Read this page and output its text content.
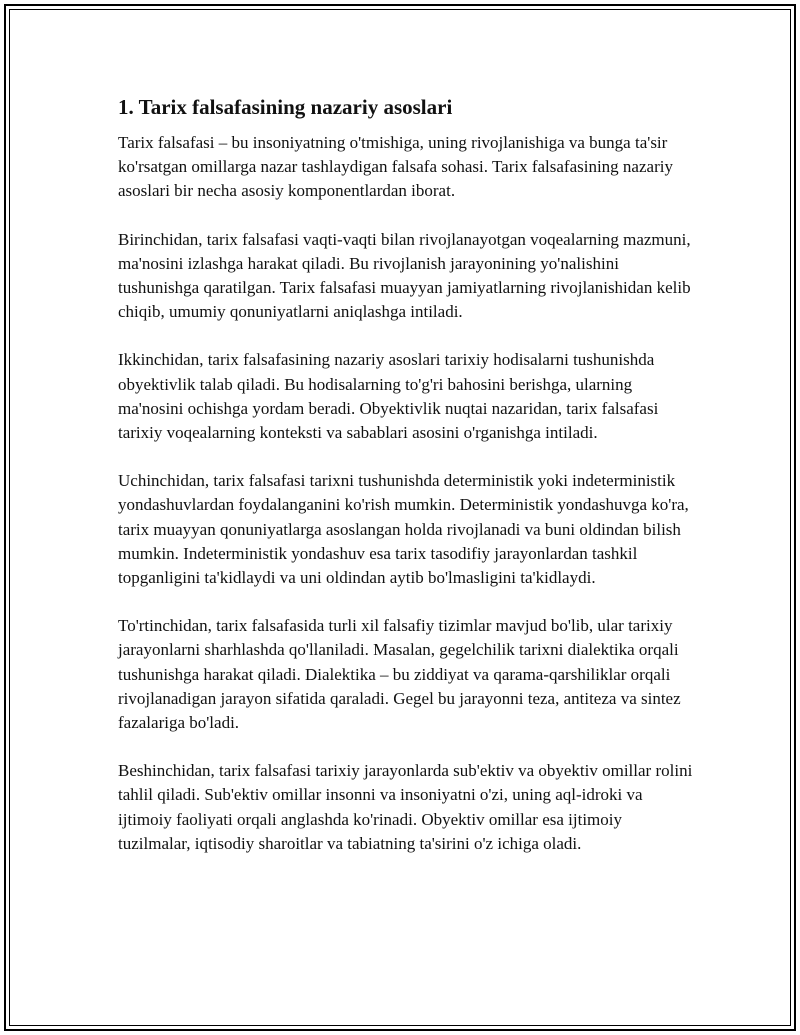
1. Tarix falsafasining nazariy asoslari

Tarix falsafasi – bu insoniyatning o'tmishiga, uning rivojlanishiga va bunga ta'sir ko'rsatgan omillarga nazar tashlaydigan falsafa sohasi. Tarix falsafasining nazariy asoslari bir necha asosiy komponentlardan iborat.

Birinchidan, tarix falsafasi vaqti-vaqti bilan rivojlanayotgan voqealarning mazmuni, ma'nosini izlashga harakat qiladi. Bu rivojlanish jarayonining yo'nalishini tushunishga qaratilgan. Tarix falsafasi muayyan jamiyatlarning rivojlanishidan kelib chiqib, umumiy qonuniyatlarni aniqlashga intiladi.

Ikkinchidan, tarix falsafasining nazariy asoslari tarixiy hodisalarni tushunishda obyektivlik talab qiladi. Bu hodisalarning to'g'ri bahosini berishga, ularning ma'nosini ochishga yordam beradi. Obyektivlik nuqtai nazaridan, tarix falsafasi tarixiy voqealarning konteksti va sabablari asosini o'rganishga intiladi.

Uchinchidan, tarix falsafasi tarixni tushunishda deterministik yoki indeterministik yondashuvlardan foydalanganini ko'rish mumkin. Deterministik yondashuvga ko'ra, tarix muayyan qonuniyatlarga asoslangan holda rivojlanadi va buni oldindan bilish mumkin. Indeterministik yondashuv esa tarix tasodifiy jarayonlardan tashkil topganligini ta'kidlaydi va uni oldindan aytib bo'lmasligini ta'kidlaydi.

To'rtinchidan, tarix falsafasida turli xil falsafiy tizimlar mavjud bo'lib, ular tarixiy jarayonlarni sharhlashda qo'llaniladi. Masalan, gegelchilik tarixni dialektika orqali tushunishga harakat qiladi. Dialektika – bu ziddiyat va qarama-qarshiliklar orqali rivojlanadigan jarayon sifatida qaraladi. Gegel bu jarayonni teza, antiteza va sintez fazalariga bo'ladi.

Beshinchidan, tarix falsafasi tarixiy jarayonlarda sub'ektiv va obyektiv omillar rolini tahlil qiladi. Sub'ektiv omillar insonni va insoniyatni o'zi, uning aql-idroki va ijtimoiy faoliyati orqali anglashda ko'rinadi. Obyektiv omillar esa ijtimoiy tuzilmalar, iqtisodiy sharoitlar va tabiatning ta'sirini o'z ichiga oladi.
